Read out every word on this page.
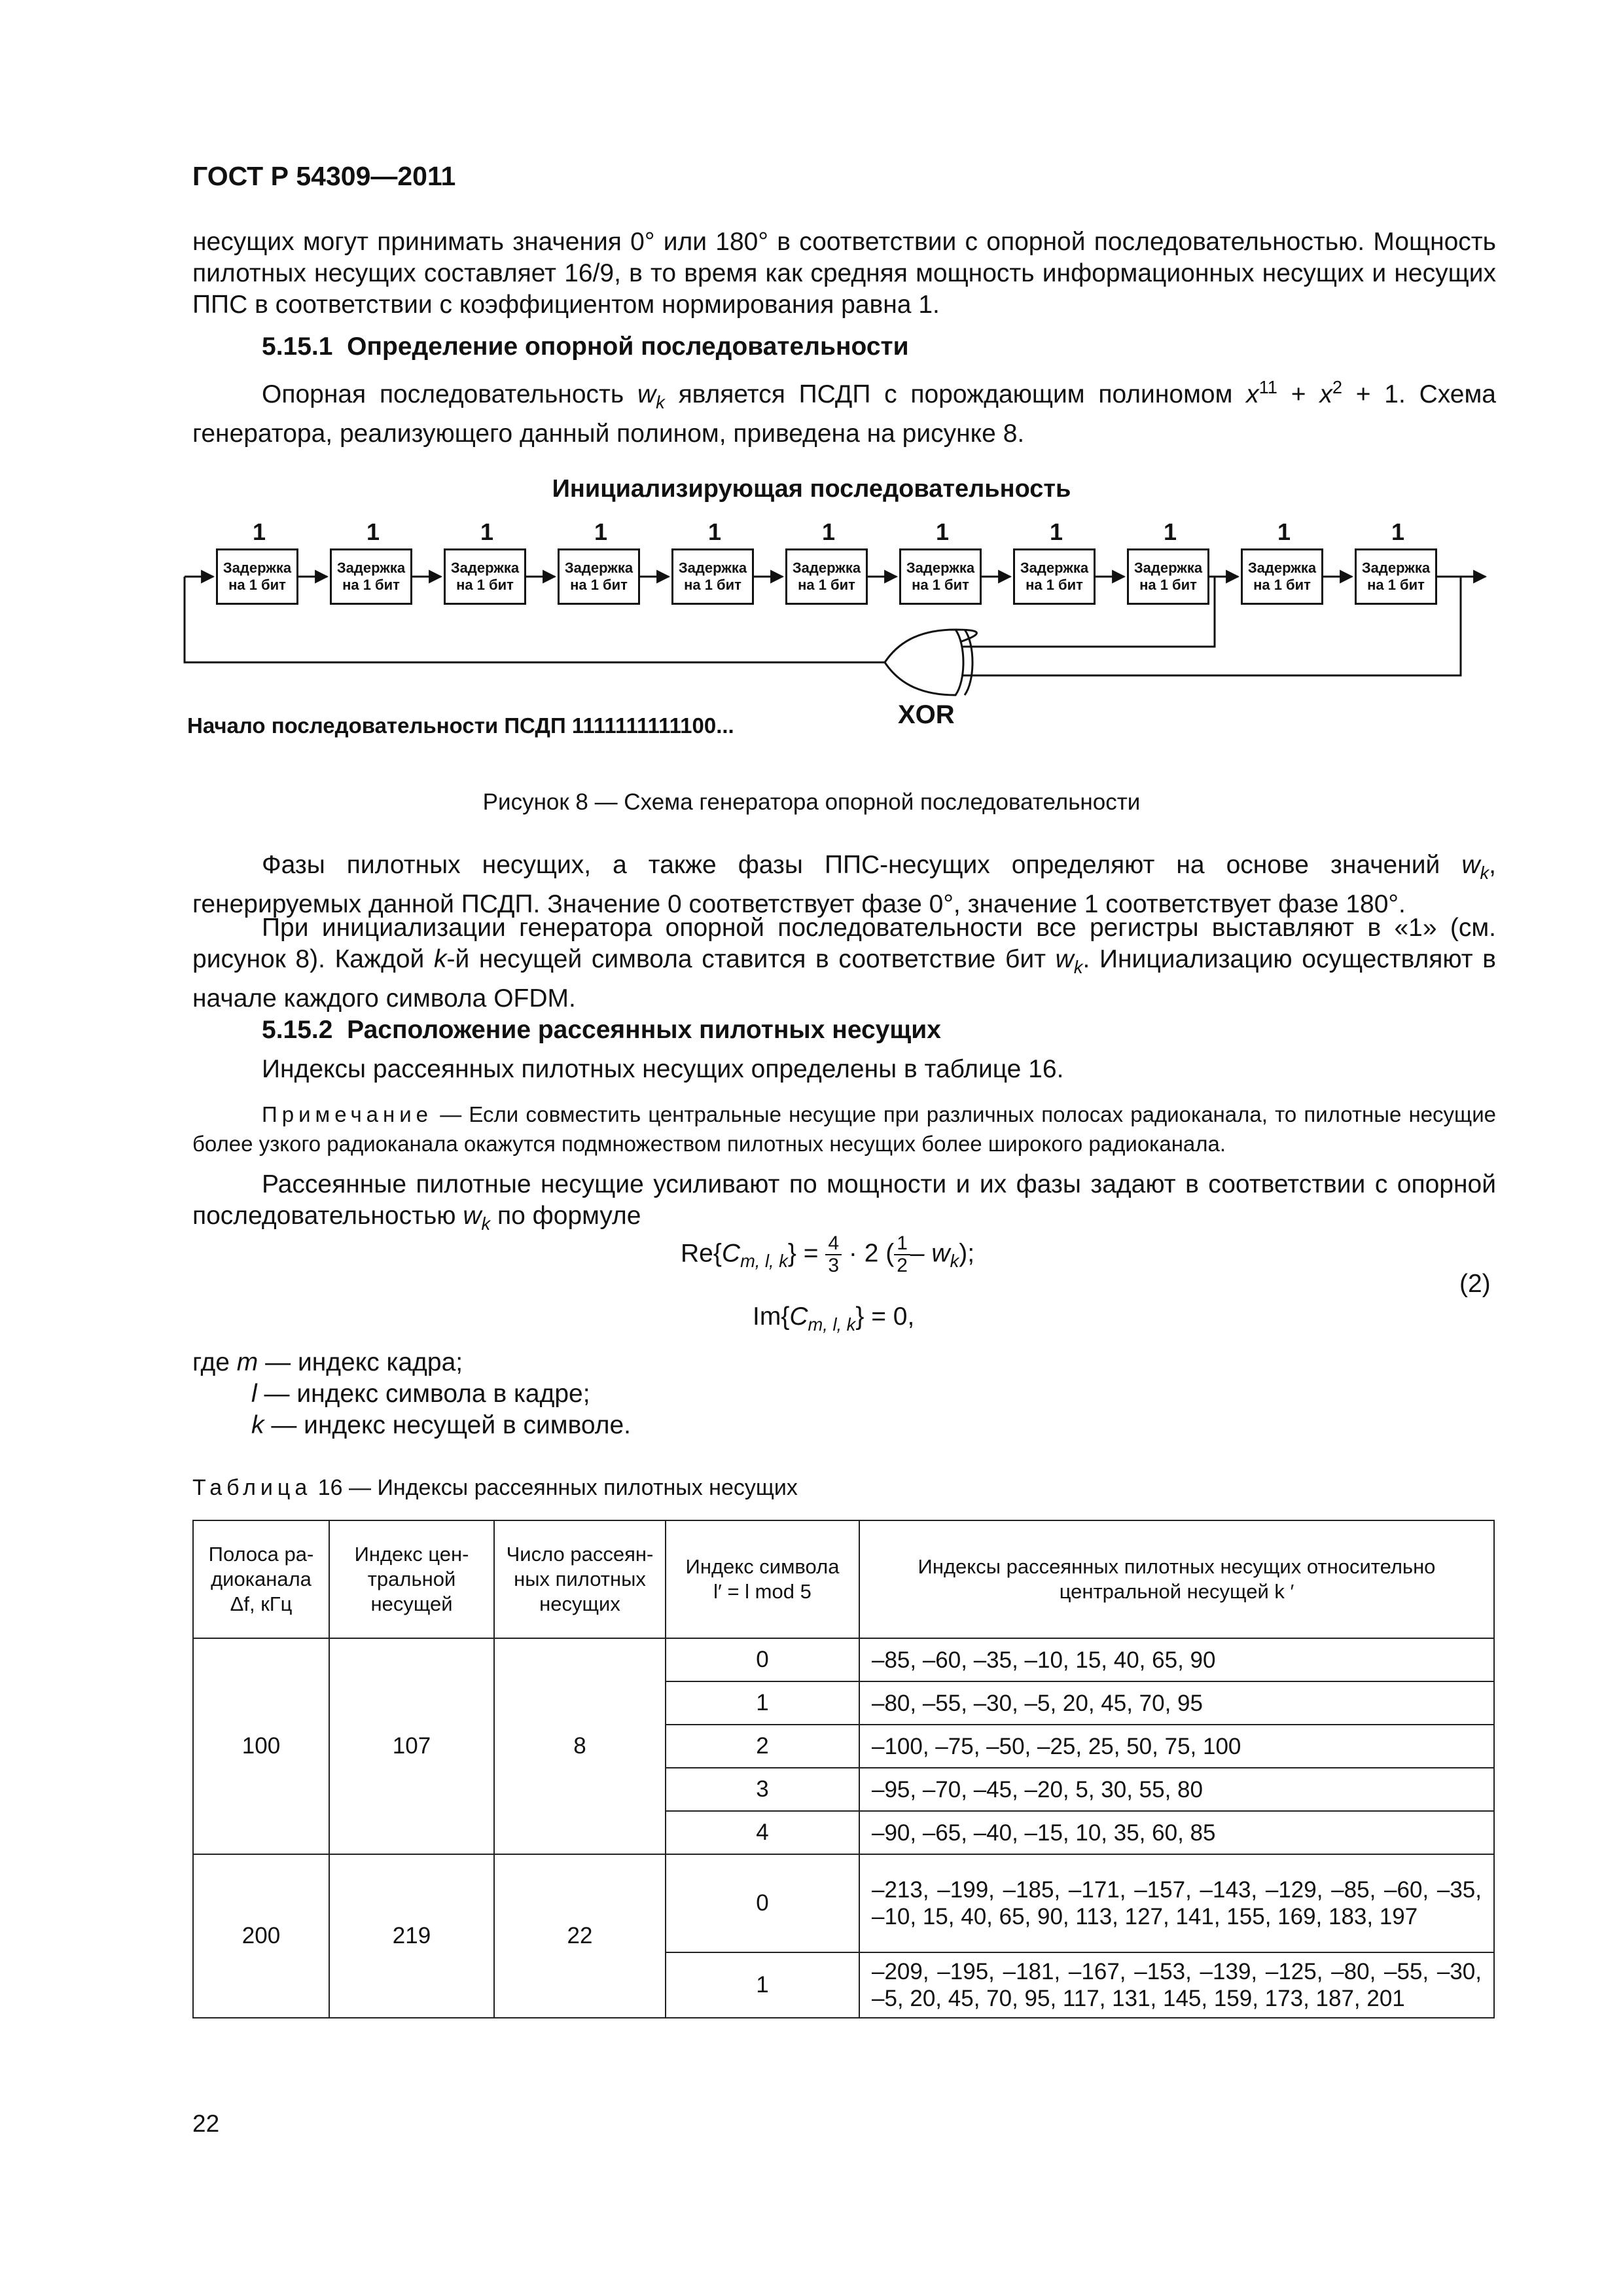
ГОСТ Р 54309—2011
несущих могут принимать значения 0° или 180° в соответствии с опорной последовательностью. Мощность пилотных несущих составляет 16/9, в то время как средняя мощность информационных несущих и несущих ППС в соответствии с коэффициентом нормирования равна 1.
5.15.1 Определение опорной последовательности
Опорная последовательность $w_k$ является ПСДП с порождающим полиномом $x^{11} + x^2 + 1$. Схема генератора, реализующего данный полином, приведена на рисунке 8.
Инициализирующая последовательность
1	1	1	1	1	1	1	1	1	1	1
Задержка
на 1 бит
Задержка
на 1 бит
Задержка
на 1 бит
Задержка
на 1 бит
Задержка
на 1 бит
Задержка
на 1 бит
Задержка
на 1 бит
Задержка
на 1 бит
Задержка
на 1 бит
Задержка
на 1 бит
Задержка
на 1 бит
XOR
Начало последовательности ПСДП 1111111111100...
Рисунок 8 — Схема генератора опорной последовательности
Фазы пилотных несущих, а также фазы ППС-несущих определяют на основе значений $w_k$, генерируемых данной ПСДП. Значение 0 соответствует фазе 0°, значение 1 соответствует фазе 180°.
При инициализации генератора опорной последовательности все регистры выставляют в «1» (см. рисунок 8). Каждой k-й несущей символа ставится в соответствие бит $w_k$. Инициализацию осуществляют в начале каждого символа OFDM.
5.15.2 Расположение рассеянных пилотных несущих
Индексы рассеянных пилотных несущих определены в таблице 16.
Примечание — Если совместить центральные несущие при различных полосах радиоканала, то пилотные несущие более узкого радиоканала окажутся подмножеством пилотных несущих более широкого радиоканала.
Рассеянные пилотные несущие усиливают по мощности и их фазы задают в соответствии с опорной последовательностью $w_k$ по формуле
$Re\{C_{m, l, k}\} = \frac{4}{3} \cdot 2$ ( $\frac{1}{2} - w_k$);
$Im\{C_{m, l, k}\} = 0$,
(2)
где m — индекс кадра;
l — индекс символа в кадре;
k — индекс несущей в символе.
Таблица 16 — Индексы рассеянных пилотных несущих
Полоса ра-
диоканала
Δf, кГц	Индекс цен-
тральной
несущей	Число рассеян-
ных пилотных
несущих	Индекс символа
l′ = l mod 5	Индексы рассеянных пилотных несущих относительно
центральной несущей k ′
100	107	8	0	–85, –60, –35, –10, 15, 40, 65, 90
			1	–80, –55, –30, –5, 20, 45, 70, 95
			2	–100, –75, –50, –25, 25, 50, 75, 100
			3	–95, –70, –45, –20, 5, 30, 55, 80
			4	–90, –65, –40, –15, 10, 35, 60, 85
200	219	22	0	–213, –199, –185, –171, –157, –143, –129, –85, –60, –35, –10, 15, 40, 65, 90, 113, 127, 141, 155, 169, 183, 197
			1	–209, –195, –181, –167, –153, –139, –125, –80, –55, –30, –5, 20, 45, 70, 95, 117, 131, 145, 159, 173, 187, 201
22
